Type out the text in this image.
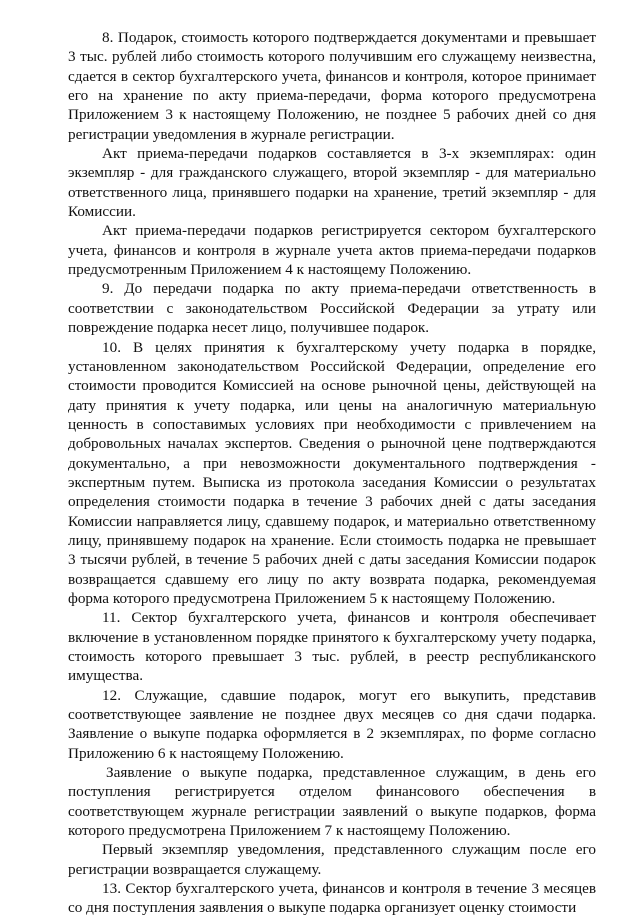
8. Подарок, стоимость которого подтверждается документами и превышает 3 тыс. рублей либо стоимость которого получившим его служащему неизвестна, сдается в сектор бухгалтерского учета, финансов и контроля, которое принимает его на хранение по акту приема-передачи, форма которого предусмотрена Приложением 3 к настоящему Положению, не позднее 5 рабочих дней со дня регистрации уведомления в журнале регистрации.

Акт приема-передачи подарков составляется в 3-х экземплярах: один экземпляр - для гражданского служащего, второй экземпляр - для материально ответственного лица, принявшего подарки на хранение, третий экземпляр - для Комиссии.

Акт приема-передачи подарков регистрируется сектором бухгалтерского учета, финансов и контроля в журнале учета актов приема-передачи подарков предусмотренным Приложением 4 к настоящему Положению.

9. До передачи подарка по акту приема-передачи ответственность в соответствии с законодательством Российской Федерации за утрату или повреждение подарка несет лицо, получившее подарок.

10. В целях принятия к бухгалтерскому учету подарка в порядке, установленном законодательством Российской Федерации, определение его стоимости проводится Комиссией на основе рыночной цены, действующей на дату принятия к учету подарка, или цены на аналогичную материальную ценность в сопоставимых условиях при необходимости с привлечением на добровольных началах экспертов. Сведения о рыночной цене подтверждаются документально, а при невозможности документального подтверждения - экспертным путем. Выписка из протокола заседания Комиссии о результатах определения стоимости подарка в течение 3 рабочих дней с даты заседания Комиссии направляется лицу, сдавшему подарок, и материально ответственному лицу, принявшему подарок на хранение. Если стоимость подарка не превышает 3 тысячи рублей, в течение 5 рабочих дней с даты заседания Комиссии подарок возвращается сдавшему его лицу по акту возврата подарка, рекомендуемая форма которого предусмотрена Приложением 5 к настоящему Положению.

11. Сектор бухгалтерского учета, финансов и контроля обеспечивает включение в установленном порядке принятого к бухгалтерскому учету подарка, стоимость которого превышает 3 тыс. рублей, в реестр республиканского имущества.

12. Служащие, сдавшие подарок, могут его выкупить, представив соответствующее заявление не позднее двух месяцев со дня сдачи подарка. Заявление о выкупе подарка оформляется в 2 экземплярах, по форме согласно Приложению 6 к настоящему Положению.

Заявление о выкупе подарка, представленное служащим, в день его поступления регистрируется отделом финансового обеспечения в соответствующем журнале регистрации заявлений о выкупе подарков, форма которого предусмотрена Приложением 7 к настоящему Положению.

Первый экземпляр уведомления, представленного служащим после его регистрации возвращается служащему.

13. Сектор бухгалтерского учета, финансов и контроля в течение 3 месяцев со дня поступления заявления о выкупе подарка организует оценку стоимости
